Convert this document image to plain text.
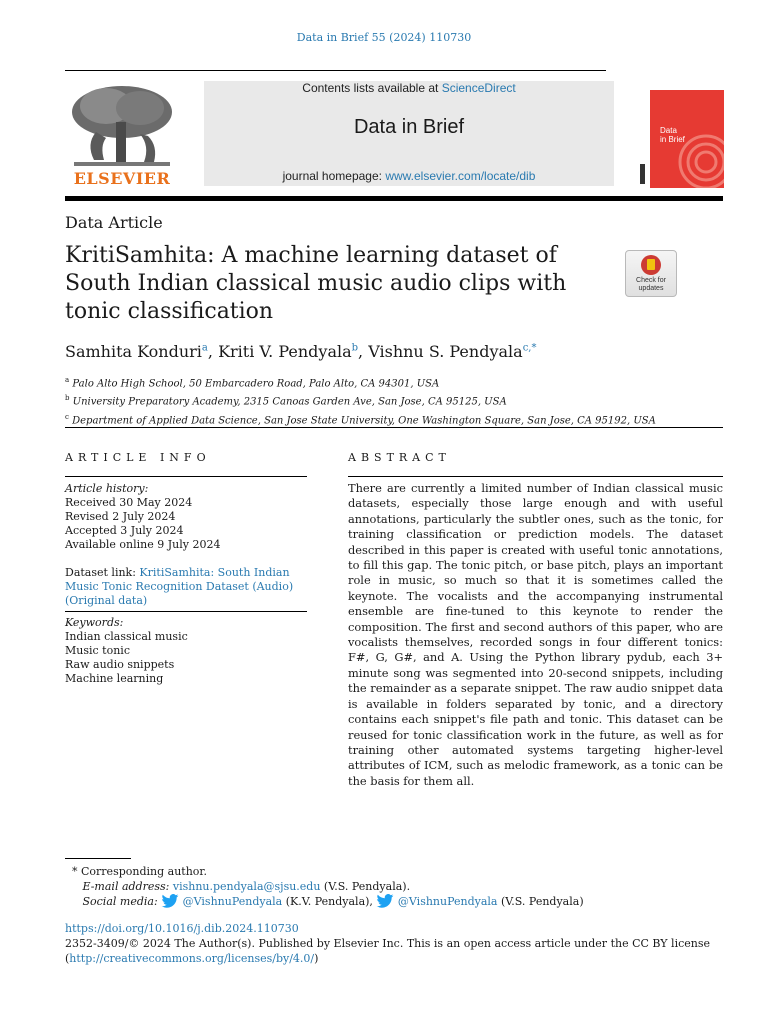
Data in Brief 55 (2024) 110730
ELSEVIER
Contents lists available at ScienceDirect
Data in Brief
journal homepage: www.elsevier.com/locate/dib
Data
in Brief
Data Article
KritiSamhita: A machine learning dataset of South Indian classical music audio clips with tonic classification
Check for updates
Samhita Konduri$^a$, Kriti V. Pendyala$^b$, Vishnu S. Pendyala$^{c,*}$
$^a$ Palo Alto High School, 50 Embarcadero Road, Palo Alto, CA 94301, USA
$^b$ University Preparatory Academy, 2315 Canoas Garden Ave, San Jose, CA 95125, USA
$^c$ Department of Applied Data Science, San Jose State University, One Washington Square, San Jose, CA 95192, USA
ARTICLE INFO	ABSTRACT
Article history:
Received 30 May 2024
Revised 2 July 2024
Accepted 3 July 2024
Available online 9 July 2024
Dataset link: KritiSamhita: South Indian Music Tonic Recognition Dataset (Audio) (Original data)
Keywords:
Indian classical music
Music tonic
Raw audio snippets
Machine learning
There are currently a limited number of Indian classical music datasets, especially those large enough and with useful annotations, particularly the subtler ones, such as the tonic, for training classification or prediction models. The dataset described in this paper is created with useful tonic annotations, to fill this gap. The tonic pitch, or base pitch, plays an important role in music, so much so that it is sometimes called the keynote. The vocalists and the accompanying instrumental ensemble are fine-tuned to this keynote to render the composition. The first and second authors of this paper, who are vocalists themselves, recorded songs in four different tonics: F#, G, G#, and A. Using the Python library pydub, each 3+ minute song was segmented into 20-second snippets, including the remainder as a separate snippet. The raw audio snippet data is available in folders separated by tonic, and a directory contains each snippet's file path and tonic. This dataset can be reused for tonic classification work in the future, as well as for training other automated systems targeting higher-level attributes of ICM, such as melodic framework, as a tonic can be the basis for them all.
* Corresponding author.
E-mail address: vishnu.pendyala@sjsu.edu (V.S. Pendyala).
Social media:  @VishnuPendyala (K.V. Pendyala),  @VishnuPendyala (V.S. Pendyala)
https://doi.org/10.1016/j.dib.2024.110730
2352-3409/© 2024 The Author(s). Published by Elsevier Inc. This is an open access article under the CC BY license
(http://creativecommons.org/licenses/by/4.0/)
